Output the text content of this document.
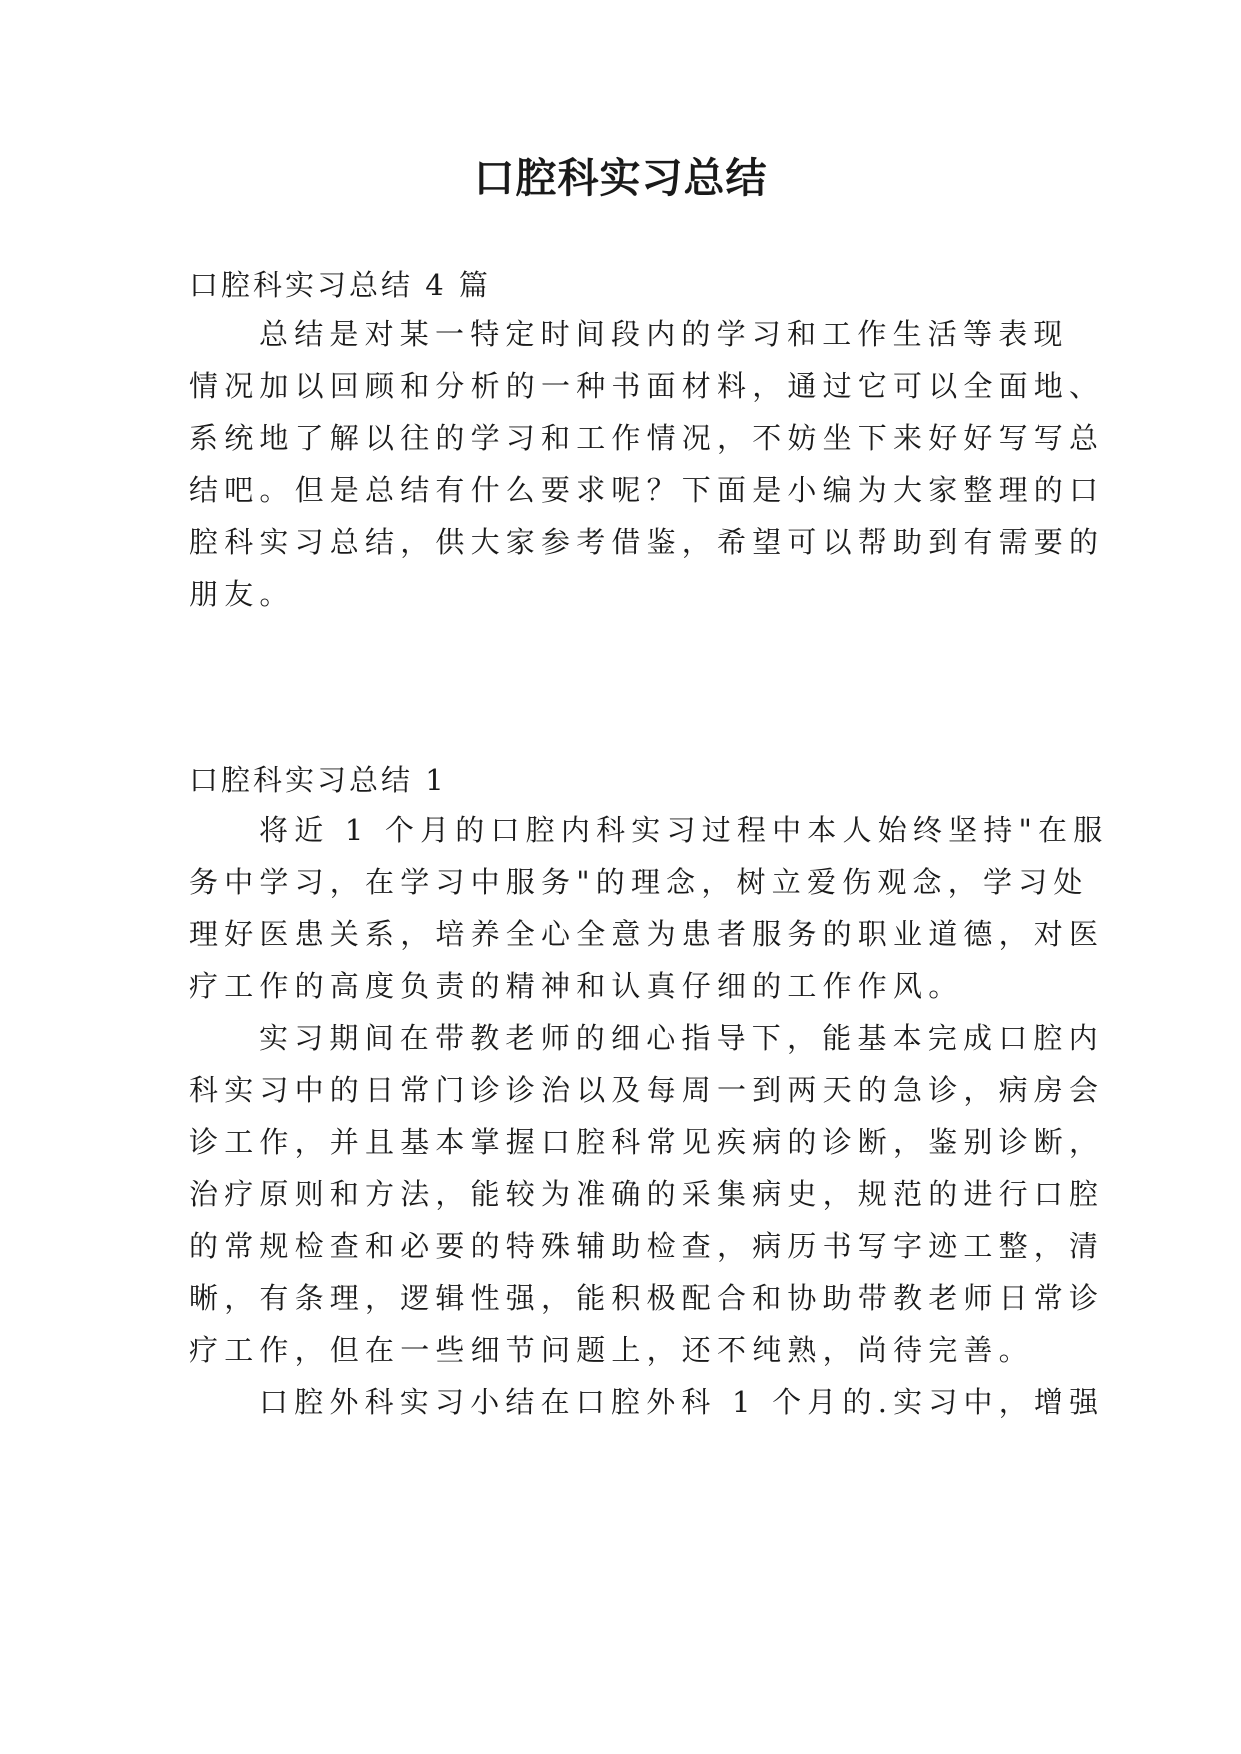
口腔科实习总结

口腔科实习总结 4 篇

总结是对某一特定时间段内的学习和工作生活等表现

情况加以回顾和分析的一种书面材料，通过它可以全面地、

系统地了解以往的学习和工作情况，不妨坐下来好好写写总

结吧。但是总结有什么要求呢？下面是小编为大家整理的口

腔科实习总结，供大家参考借鉴，希望可以帮助到有需要的

朋友。

口腔科实习总结 1

将近 1 个月的口腔内科实习过程中本人始终坚持"在服

务中学习，在学习中服务"的理念，树立爱伤观念，学习处

理好医患关系，培养全心全意为患者服务的职业道德，对医

疗工作的高度负责的精神和认真仔细的工作作风。

实习期间在带教老师的细心指导下，能基本完成口腔内

科实习中的日常门诊诊治以及每周一到两天的急诊，病房会

诊工作，并且基本掌握口腔科常见疾病的诊断，鉴别诊断，

治疗原则和方法，能较为准确的采集病史，规范的进行口腔

的常规检查和必要的特殊辅助检查，病历书写字迹工整，清

晰，有条理，逻辑性强，能积极配合和协助带教老师日常诊

疗工作，但在一些细节问题上，还不纯熟，尚待完善。

口腔外科实习小结在口腔外科 1 个月的.实习中，增强
